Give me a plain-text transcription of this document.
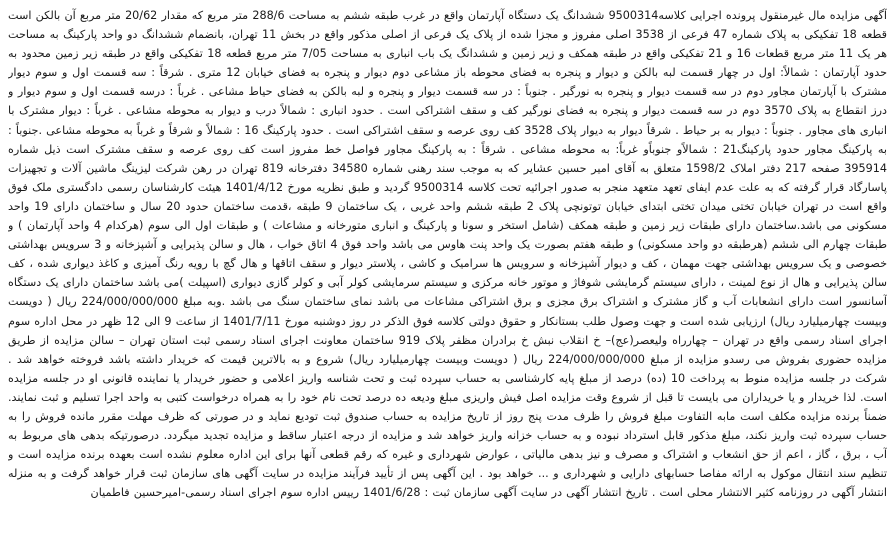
آگهی مزایده مال غیرمنقول پرونده اجرایی کلاسه9500314 ششدانگ یک دستگاه آپارتمان واقع در غرب طبقه ششم به مساحت 288/6 متر مربع که مقدار 20/62 متر مربع آن بالکن است قطعه 18 تفکیکی به پلاک شماره 47 فرعی از 3538 اصلی مفروز و مجزا شده از پلاک یک فرعی از اصلی مذکور واقع در بخش 11 تهران، بانضمام ششدانگ دو واحد پارکینگ به مساحت هر یک 11 متر مربع قطعات 16 و 21 تفکیکی واقع در طبقه همکف و زیر زمین و ششدانگ یک باب انباری به مساحت 7/05 متر مربع قطعه 18 تفکیکی واقع در طبقه زیر زمین محدود به حدود آپارتمان : شمالاً: اول در چهار قسمت لبه بالکن و دیوار و پنجره به فضای محوطه باز مشاعی دوم دیوار و پنجره به فضای خیابان 12 متری . شرقاً : سه قسمت اول و سوم دیوار مشترک با آپارتمان مجاور دوم در سه قسمت دیوار و پنجره به نورگیر . جنوباً : در سه قسمت دیوار و پنجره و لبه بالکن به فضای حیاط مشاعی . غرباً : درسه قسمت اول و سوم دیوار و درز انقطاع به پلاک 3570 دوم در سه قسمت دیوار و پنجره به فضای نورگیر کف و سقف اشتراکی است . حدود انباری : شمالاً درب و دیوار به محوطه مشاعی . غرباً : دیوار مشترک با انباری های مجاور . جنوباً : دیوار به بر حیاط . شرقاً دیوار به دیوار پلاک 3528 کف روی عرصه و سقف اشتراکی است . حدود پارکینگ 16 : شمالاً و شرقاً و غرباً به محوطه مشاعی .جنوباً : به پارکینگ مجاور حدود پارکینگ21 : شمالاًو جنوباًو غرباً: به محوطه مشاعی . شرقاً : به پارکینگ مجاور فواصل خط مفروز است کف روی عرصه و سقف مشترک است ذیل شماره 395914 صفحه 217 دفتر املاک 1598/2 متعلق به آقای امیر حسین عشایر که به موجب سند رهنی شماره 34580 دفترخانه 819 تهران در رهن شرکت لیزینگ ماشین آلات و تجهیزات پاسارگاد قرار گرفته که به علت عدم ایفای تعهد متعهد منجر به صدور اجرائیه تحت کلاسه 9500314 گردید و طبق نظریه مورخ 1401/4/12 هیئت کارشناسان رسمی دادگستری ملک فوق واقع است در تهران خیابان تختی میدان تختی ابتدای خیابان توتونچی پلاک 2 طبقه ششم واحد غربی ، یک ساختمان 9 طبقه ،قدمت ساختمان حدود 20 سال و ساختمان دارای 19 واحد مسکونی می باشد.ساختمان دارای طبقات زیر زمین و طبقه همکف (شامل استخر و سونا و پارکینگ و انباری متورخانه و مشاعات ) و طبقات اول الی سوم (هرکدام 4 واحد آپارتمان ) و طبقات چهارم الی ششم (هرطبقه دو واحد مسکونی) و طبقه هفتم بصورت یک واحد پنت هاوس می باشد واحد فوق 4 اتاق خواب ، هال و سالن پذیرایی و آشپزخانه و 3 سرویس بهداشتی خصوصی و یک سرویس بهداشتی جهت مهمان ، کف و دیوار آشپزخانه و سرویس ها سرامیک و کاشی ، پلاستر دیوار و سقف اتاقها و هال گچ با رویه رنگ آمیزی و کاغذ دیواری شده ، کف سالن پذیرایی و هال از نوع لمینت ، دارای سیستم گرمایشی شوفاژ و موتور خانه مرکزی و سیستم سرمایشی کولر آبی و کولر گازی دیواری (اسپیلت )می باشد ساختمان دارای یک دستگاه آسانسور است دارای انشعابات آب و گاز مشترک و اشتراک برق مجزی و برق اشتراکی مشاعات می باشد نمای ساختمان سنگ می باشد .وبه مبلغ 224/000/000/000 ریال ( دویست وبیست چهارمیلیارد ریال) ارزیابی شده است و جهت وصول طلب بستانکار و حقوق دولتی کلاسه فوق الذکر در روز دوشنبه مورخ 1401/7/11 از ساعت 9 الی 12 ظهر در محل اداره سوم اجرای اسناد رسمی واقع در تهران – چهارراه ولیعصر(عج)– خ انقلاب نبش خ برادران مظفر پلاک 919 ساختمان معاونت اجرای اسناد رسمی ثبت استان تهران – سالن مزایده از طریق مزایده حضوری بفروش می رسدو مزایده از مبلغ 224/000/000/000 ریال ( دویست وبیست چهارمیلیارد ریال) شروع و به بالاترین قیمت که خریدار داشته باشد فروخته خواهد شد . شرکت در جلسه مزایده منوط به پرداخت 10 (ده) درصد از مبلغ پایه کارشناسی به حساب سپرده ثبت و تحت شناسه واریز اعلامی و حضور خریدار یا نماینده قانونی او در جلسه مزایده است. لذا خریدار و یا خریداران می بایست تا قبل از شروع وقت مزایده اصل فیش واریزی مبلغ ودیعه ده درصد تحت نام خود را به همراه درخواست کتبی به واحد اجرا تسلیم و ثبت نمایند. ضمناً برنده مزایده مکلف است مابه التفاوت مبلغ فروش را ظرف مدت پنج روز از تاریخ مزایده به حساب صندوق ثبت تودیع نماید و در صورتی که ظرف مهلت مقرر مانده فروش را به حساب سپرده ثبت واریز نکند، مبلغ مذکور قابل استرداد نبوده و به حساب خزانه واریز خواهد شد و مزایده از درجه اعتبار ساقط و مزایده تجدید میگردد. درصورتیکه بدهی های مربوط به آب ، برق ، گاز ، اعم از حق انشعاب و اشتراک و مصرف و نیز بدهی مالیاتی ، عوارض شهرداری و غیره که رقم قطعی آنها برای این اداره معلوم نشده است بعهده برنده مزایده است و تنظیم سند انتقال موکول به ارائه مفاصا حسابهای دارایی و شهرداری و ... خواهد بود . این آگهی پس از تأیید فرآیند مزایده در سایت آگهی های سازمان ثبت قرار خواهد گرفت و به منزله انتشار آگهی در روزنامه کثیر الانتشار محلی است . تاریخ انتشار آگهی در سایت آگهی سازمان ثبت : 1401/6/28 رییس اداره سوم اجرای اسناد رسمی-امیرحسین فاطمیان
